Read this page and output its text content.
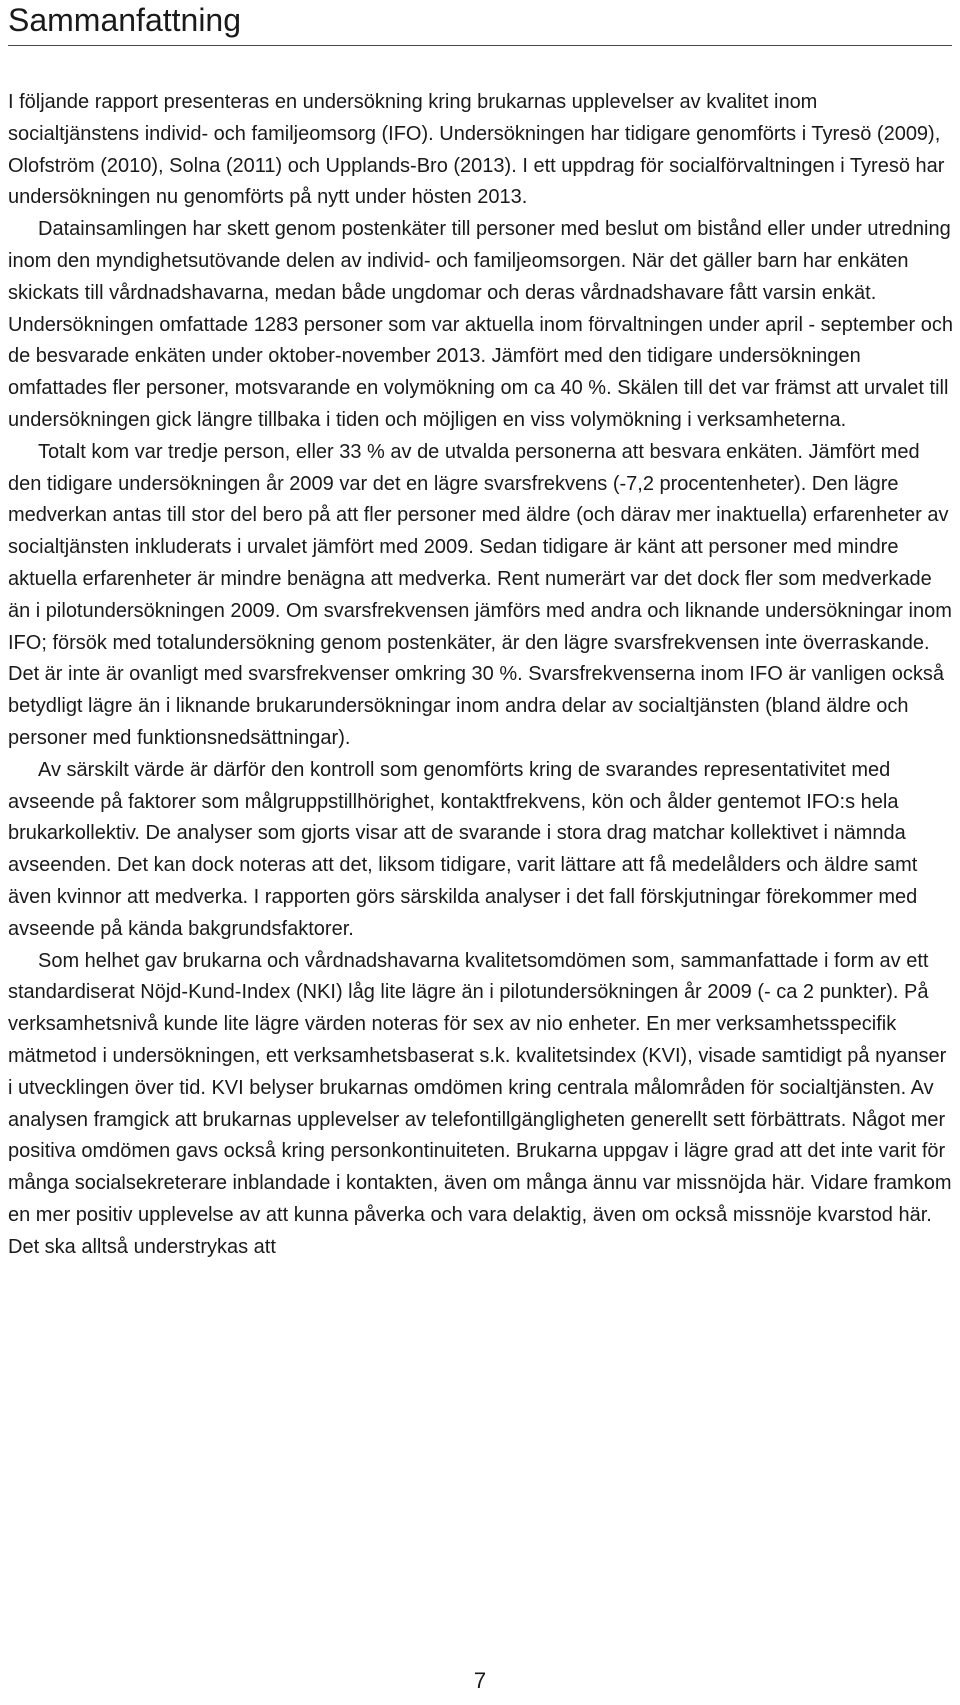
Sammanfattning

I följande rapport presenteras en undersökning kring brukarnas upplevelser av kvalitet inom socialtjänstens individ- och familjeomsorg (IFO). Undersökningen har tidigare genomförts i Tyresö (2009), Olofström (2010), Solna (2011) och Upplands-Bro (2013). I ett uppdrag för socialförvaltningen i Tyresö har undersökningen nu genomförts på nytt under hösten 2013.

Datainsamlingen har skett genom postenkäter till personer med beslut om bistånd eller under utredning inom den myndighetsutövande delen av individ- och familjeomsorgen. När det gäller barn har enkäten skickats till vårdnadshavarna, medan både ungdomar och deras vårdnadshavare fått varsin enkät. Undersökningen omfattade 1283 personer som var aktuella inom förvaltningen under april - september och de besvarade enkäten under oktober-november 2013. Jämfört med den tidigare undersökningen omfattades fler personer, motsvarande en volymökning om ca 40 %. Skälen till det var främst att urvalet till undersökningen gick längre tillbaka i tiden och möjligen en viss volymökning i verksamheterna.

Totalt kom var tredje person, eller 33 % av de utvalda personerna att besvara enkäten. Jämfört med den tidigare undersökningen år 2009 var det en lägre svarsfrekvens (-7,2 procentenheter). Den lägre medverkan antas till stor del bero på att fler personer med äldre (och därav mer inaktuella) erfarenheter av socialtjänsten inkluderats i urvalet jämfört med 2009. Sedan tidigare är känt att personer med mindre aktuella erfarenheter är mindre benägna att medverka. Rent numerärt var det dock fler som medverkade än i pilotundersökningen 2009. Om svarsfrekvensen jämförs med andra och liknande undersökningar inom IFO; försök med totalundersökning genom postenkäter, är den lägre svarsfrekvensen inte överraskande. Det är inte är ovanligt med svarsfrekvenser omkring 30 %. Svarsfrekvenserna inom IFO är vanligen också betydligt lägre än i liknande brukarundersökningar inom andra delar av socialtjänsten (bland äldre och personer med funktionsnedsättningar).

Av särskilt värde är därför den kontroll som genomförts kring de svarandes representativitet med avseende på faktorer som målgruppstillhörighet, kontaktfrekvens, kön och ålder gentemot IFO:s hela brukarkollektiv. De analyser som gjorts visar att de svarande i stora drag matchar kollektivet i nämnda avseenden. Det kan dock noteras att det, liksom tidigare, varit lättare att få medelålders och äldre samt även kvinnor att medverka. I rapporten görs särskilda analyser i det fall förskjutningar förekommer med avseende på kända bakgrundsfaktorer.

Som helhet gav brukarna och vårdnadshavarna kvalitetsomdömen som, sammanfattade i form av ett standardiserat Nöjd-Kund-Index (NKI) låg lite lägre än i pilotundersökningen år 2009 (- ca 2 punkter). På verksamhetsnivå kunde lite lägre värden noteras för sex av nio enheter. En mer verksamhetsspecifik mätmetod i undersökningen, ett verksamhetsbaserat s.k. kvalitetsindex (KVI), visade samtidigt på nyanser i utvecklingen över tid. KVI belyser brukarnas omdömen kring centrala målområden för socialtjänsten. Av analysen framgick att brukarnas upplevelser av telefontillgängligheten generellt sett förbättrats. Något mer positiva omdömen gavs också kring personkontinuiteten. Brukarna uppgav i lägre grad att det inte varit för många socialsekreterare inblandade i kontakten, även om många ännu var missnöjda här. Vidare framkom en mer positiv upplevelse av att kunna påverka och vara delaktig, även om också missnöje kvarstod här. Det ska alltså understrykas att

7
